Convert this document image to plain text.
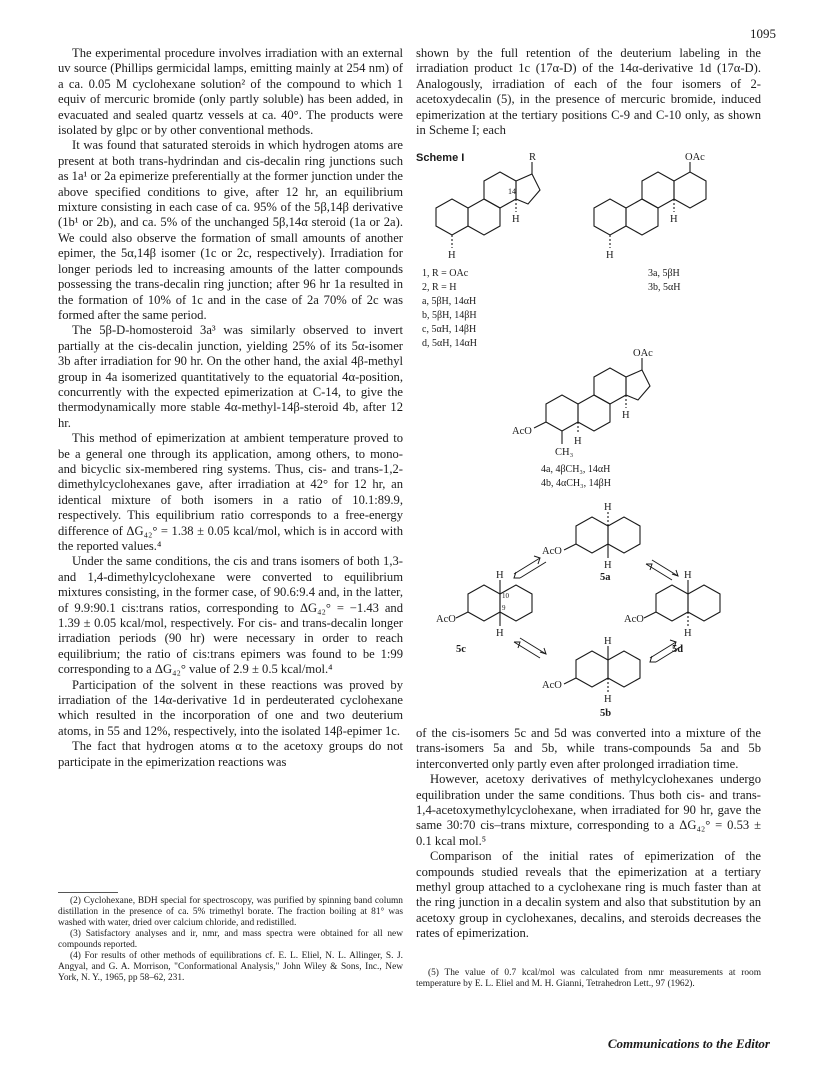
1095

The experimental procedure involves irradiation with an external uv source (Phillips germicidal lamps, emitting mainly at 254 nm) of a ca. 0.05 M cyclohexane solution² of the compound to which 1 equiv of mercuric bromide (only partly soluble) has been added, in evacuated and sealed quartz vessels at ca. 40°. The products were isolated by glpc or by other conventional methods.

It was found that saturated steroids in which hydrogen atoms are present at both trans-hydrindan and cis-decalin ring junctions such as 1a¹ or 2a epimerize preferentially at the former junction under the above specified conditions to give, after 12 hr, an equilibrium mixture consisting in each case of ca. 95% of the 5β,14β derivative (1b¹ or 2b), and ca. 5% of the unchanged 5β,14α steroid (1a or 2a). We could also observe the formation of small amounts of another epimer, the 5α,14β isomer (1c or 2c, respectively). Irradiation for longer periods led to increasing amounts of the latter compounds possessing the trans-decalin ring junction; after 96 hr 1a resulted in the formation of 10% of 1c and in the case of 2a 70% of 2c was formed after the same period.

The 5β-D-homosteroid 3a³ was similarly observed to invert partially at the cis-decalin junction, yielding 25% of its 5α-isomer 3b after irradiation for 90 hr. On the other hand, the axial 4β-methyl group in 4a isomerized quantitatively to the equatorial 4α-position, concurrently with the expected epimerization at C-14, to give the thermodynamically more stable 4α-methyl-14β-steroid 4b, after 12 hr.

This method of epimerization at ambient temperature proved to be a general one through its application, among others, to mono- and bicyclic six-membered ring systems. Thus, cis- and trans-1,2-dimethylcyclohexanes gave, after irradiation at 42° for 12 hr, an identical mixture of both isomers in a ratio of 10.1:89.9, respectively. This equilibrium ratio corresponds to a free-energy difference of ΔG₄₂° = 1.38 ± 0.05 kcal/mol, which is in accord with the reported values.⁴

Under the same conditions, the cis and trans isomers of both 1,3- and 1,4-dimethylcyclohexane were converted to equilibrium mixtures consisting, in the former case, of 90.6:9.4 and, in the latter, of 9.9:90.1 cis:trans ratios, corresponding to ΔG₄₂° = −1.43 and 1.39 ± 0.05 kcal/mol, respectively. For cis- and trans-decalin longer irradiation periods (90 hr) were necessary in order to reach equilibrium; the ratio of cis:trans epimers was found to be 1:99 corresponding to a ΔG₄₂° value of 2.9 ± 0.5 kcal/mol.⁴

Participation of the solvent in these reactions was proved by irradiation of the 14α-derivative 1d in perdeuterated cyclohexane which resulted in the incorporation of one and two deuterium atoms, in 55 and 12%, respectively, into the isolated 14β-epimer 1c.

The fact that hydrogen atoms α to the acetoxy groups do not participate in the epimerization reactions was

shown by the full retention of the deuterium labeling in the irradiation product 1c (17α-D) of the 14α-derivative 1d (17α-D). Analogously, irradiation of each of the four isomers of 2-acetoxydecalin (5), in the presence of mercuric bromide, induced epimerization at the tertiary positions C-9 and C-10 only, as shown in Scheme I; each

Scheme I	R
H
H
14
OAc
H
H
1, R = OAc
2, R = H
a, 5βH, 14αH
b, 5βH, 14βH
c, 5αH, 14βH
d, 5αH, 14αH
3a, 5βH
3b, 5αH
OAc
AcO
H
H
CH₃
4a, 4βCH₃, 14αH
4b, 4αCH₃, 14βH
H
H
AcO
5a
H
H
AcO
10
9
5c
H
H
AcO
5d
H
H
AcO
5b

of the cis-isomers 5c and 5d was converted into a mixture of the trans-isomers 5a and 5b, while trans-compounds 5a and 5b interconverted only partly even after prolonged irradiation time.

However, acetoxy derivatives of methylcyclohexanes undergo equilibration under the same conditions. Thus both cis- and trans-1,4-acetoxymethylcyclohexane, when irradiated for 90 hr, gave the same 30:70 cis–trans mixture, corresponding to a ΔG₄₂° = 0.53 ± 0.1 kcal mol.⁵

Comparison of the initial rates of epimerization of the compounds studied reveals that the epimerization at a tertiary methyl group attached to a cyclohexane ring is much faster than at the ring junction in a decalin system and also that substitution by an acetoxy group in cyclohexanes, decalins, and steroids decreases the rates of epimerization.

(2) Cyclohexane, BDH special for spectroscopy, was purified by spinning band column distillation in the presence of ca. 5% trimethyl borate. The fraction boiling at 81° was washed with water, dried over calcium chloride, and redistilled.

(3) Satisfactory analyses and ir, nmr, and mass spectra were obtained for all new compounds reported.

(4) For results of other methods of equilibrations cf. E. L. Eliel, N. L. Allinger, S. J. Angyal, and G. A. Morrison, "Conformational Analysis," John Wiley & Sons, Inc., New York, N. Y., 1965, pp 58–62, 231.	(5) The value of 0.7 kcal/mol was calculated from nmr measurements at room temperature by E. L. Eliel and M. H. Gianni, Tetrahedron Lett., 97 (1962).

Communications to the Editor
